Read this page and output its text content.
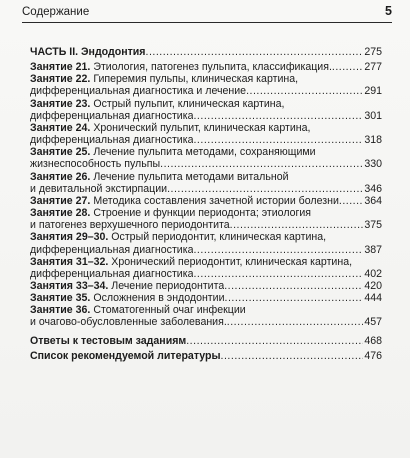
Содержание	5
ЧАСТЬ II. Эндодонтия .....	275
Занятие 21. Этиология, патогенез пульпита, классификация. .....	277
Занятие 22. Гиперемия пульпы, клиническая картина,
дифференциальная диагностика и лечение .....	291
Занятие 23. Острый пульпит, клиническая картина,
дифференциальная диагностика .....	301
Занятие 24. Хронический пульпит, клиническая картина,
дифференциальная диагностика .....	318
Занятие 25. Лечение пульпита методами, сохраняющими
жизнеспособность пульпы .....	330
Занятие 26. Лечение пульпита методами витальной
и девитальной экстирпации .....	346
Занятие 27. Методика составления зачетной истории болезни ..... 364
Занятие 28. Строение и функции периодонта; этиология
и патогенез верхушечного периодонтита .....	375
Занятия 29–30. Острый периодонтит, клиническая картина,
дифференциальная диагностика .....	387
Занятия 31–32. Хронический периодонтит, клиническая картина,
дифференциальная диагностика .....	402
Занятия 33–34. Лечение периодонтита .....	420
Занятие 35. Осложнения в эндодонтии .....	444
Занятие 36. Стоматогенный очаг инфекции
и очагово-обусловленные заболевания. .....	457
Ответы к тестовым заданиям .....	468
Список рекомендуемой литературы .....	476
